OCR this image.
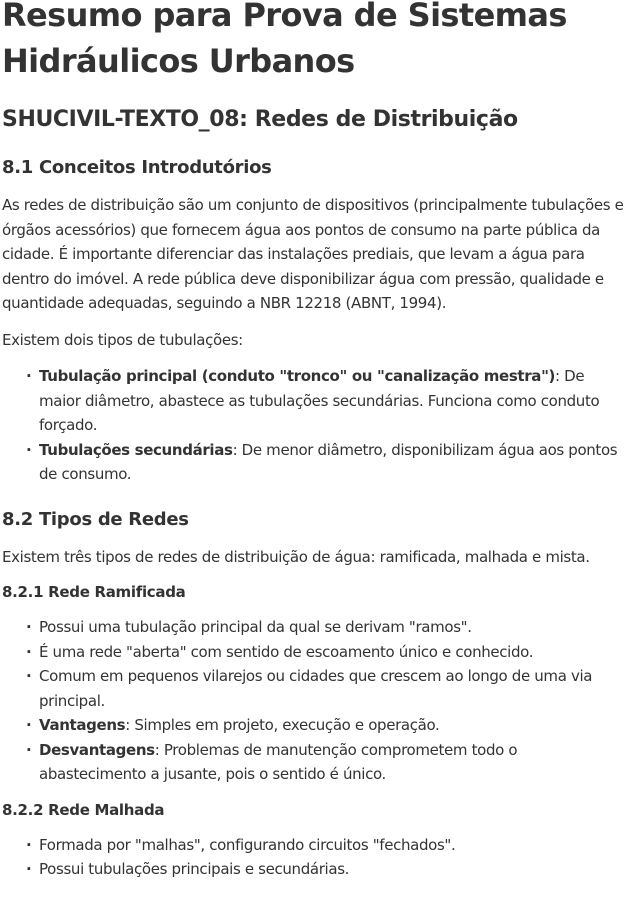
Resumo para Prova de Sistemas Hidráulicos Urbanos
SHUCIVIL-TEXTO_08: Redes de Distribuição
8.1 Conceitos Introdutórios

As redes de distribuição são um conjunto de dispositivos (principalmente tubulações e órgãos acessórios) que fornecem água aos pontos de consumo na parte pública da cidade. É importante diferenciar das instalações prediais, que levam a água para dentro do imóvel. A rede pública deve disponibilizar água com pressão, qualidade e quantidade adequadas, seguindo a NBR 12218 (ABNT, 1994).

Existem dois tipos de tubulações:

· Tubulação principal (conduto "tronco" ou "canalização mestra"): De maior diâmetro, abastece as tubulações secundárias. Funciona como conduto forçado.
· Tubulações secundárias: De menor diâmetro, disponibilizam água aos pontos de consumo.
8.2 Tipos de Redes

Existem três tipos de redes de distribuição de água: ramificada, malhada e mista.

8.2.1 Rede Ramificada
· Possui uma tubulação principal da qual se derivam "ramos".
· É uma rede "aberta" com sentido de escoamento único e conhecido.
· Comum em pequenos vilarejos ou cidades que crescem ao longo de uma via principal.
· Vantagens: Simples em projeto, execução e operação.
· Desvantagens: Problemas de manutenção comprometem todo o abastecimento a jusante, pois o sentido é único.
8.2.2 Rede Malhada
· Formada por "malhas", configurando circuitos "fechados".
· Possui tubulações principais e secundárias.
